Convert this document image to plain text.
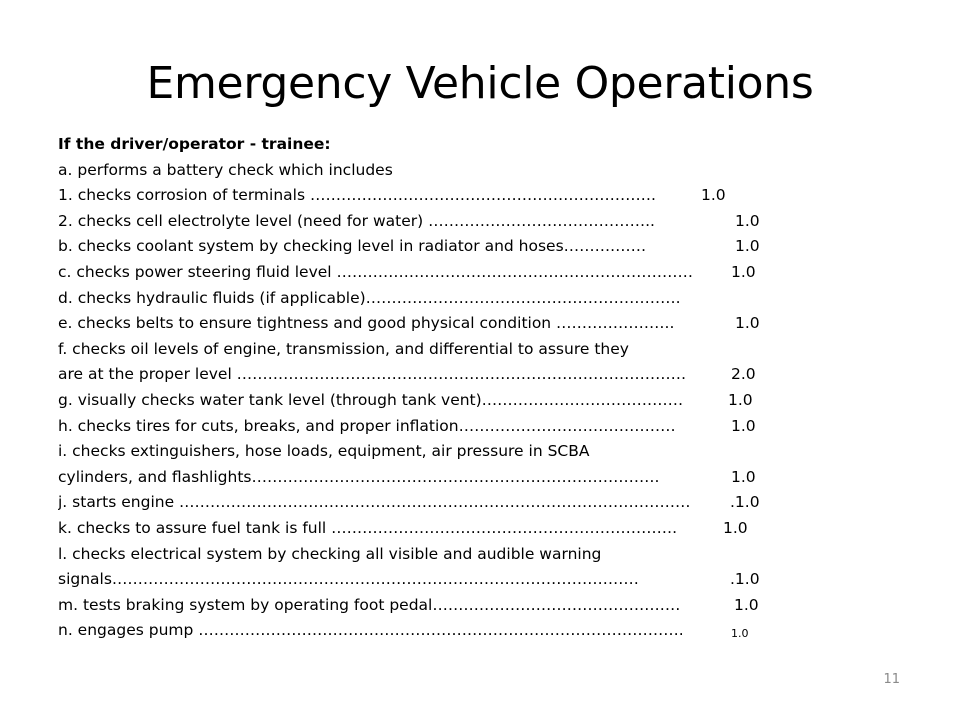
Emergency Vehicle Operations
If the driver/operator - trainee:
a. performs a battery check which includes
1. checks corrosion of terminals ………………………………………………………….	1.0
2. checks cell electrolyte level (need for water) ……………………………………..	1.0
b. checks coolant system by checking level in radiator and hoses……….……	1.0
c. checks power steering fluid level …………………………………………………………… 1.0
d. checks hydraulic fluids (if applicable)…………………………………………………….
e. checks belts to ensure tightness and good physical condition …………………..	1.0
f. checks oil levels of engine, transmission, and differential to assure they
are at the proper level ……………………………………………………………………………	2.0
g. visually checks water tank level (through tank vent)…………………………………	1.0
h. checks tires for cuts, breaks, and proper inflation……………………………………	1.0
i. checks extinguishers, hose loads, equipment, air pressure in SCBA
cylinders, and flashlights…………………………………………………………………….	1.0
j. starts engine ………………………………………………………………………………………	.1.0
k. checks to assure fuel tank is full ………………………………………………………….	1.0
l. checks electrical system by checking all visible and audible warning
signals…………………………………………………………………………………………	.1.0
m. tests braking system by operating foot pedal…………………………………………	1.0
n. engages pump ………………………………………………………………………………….	1.0
11
